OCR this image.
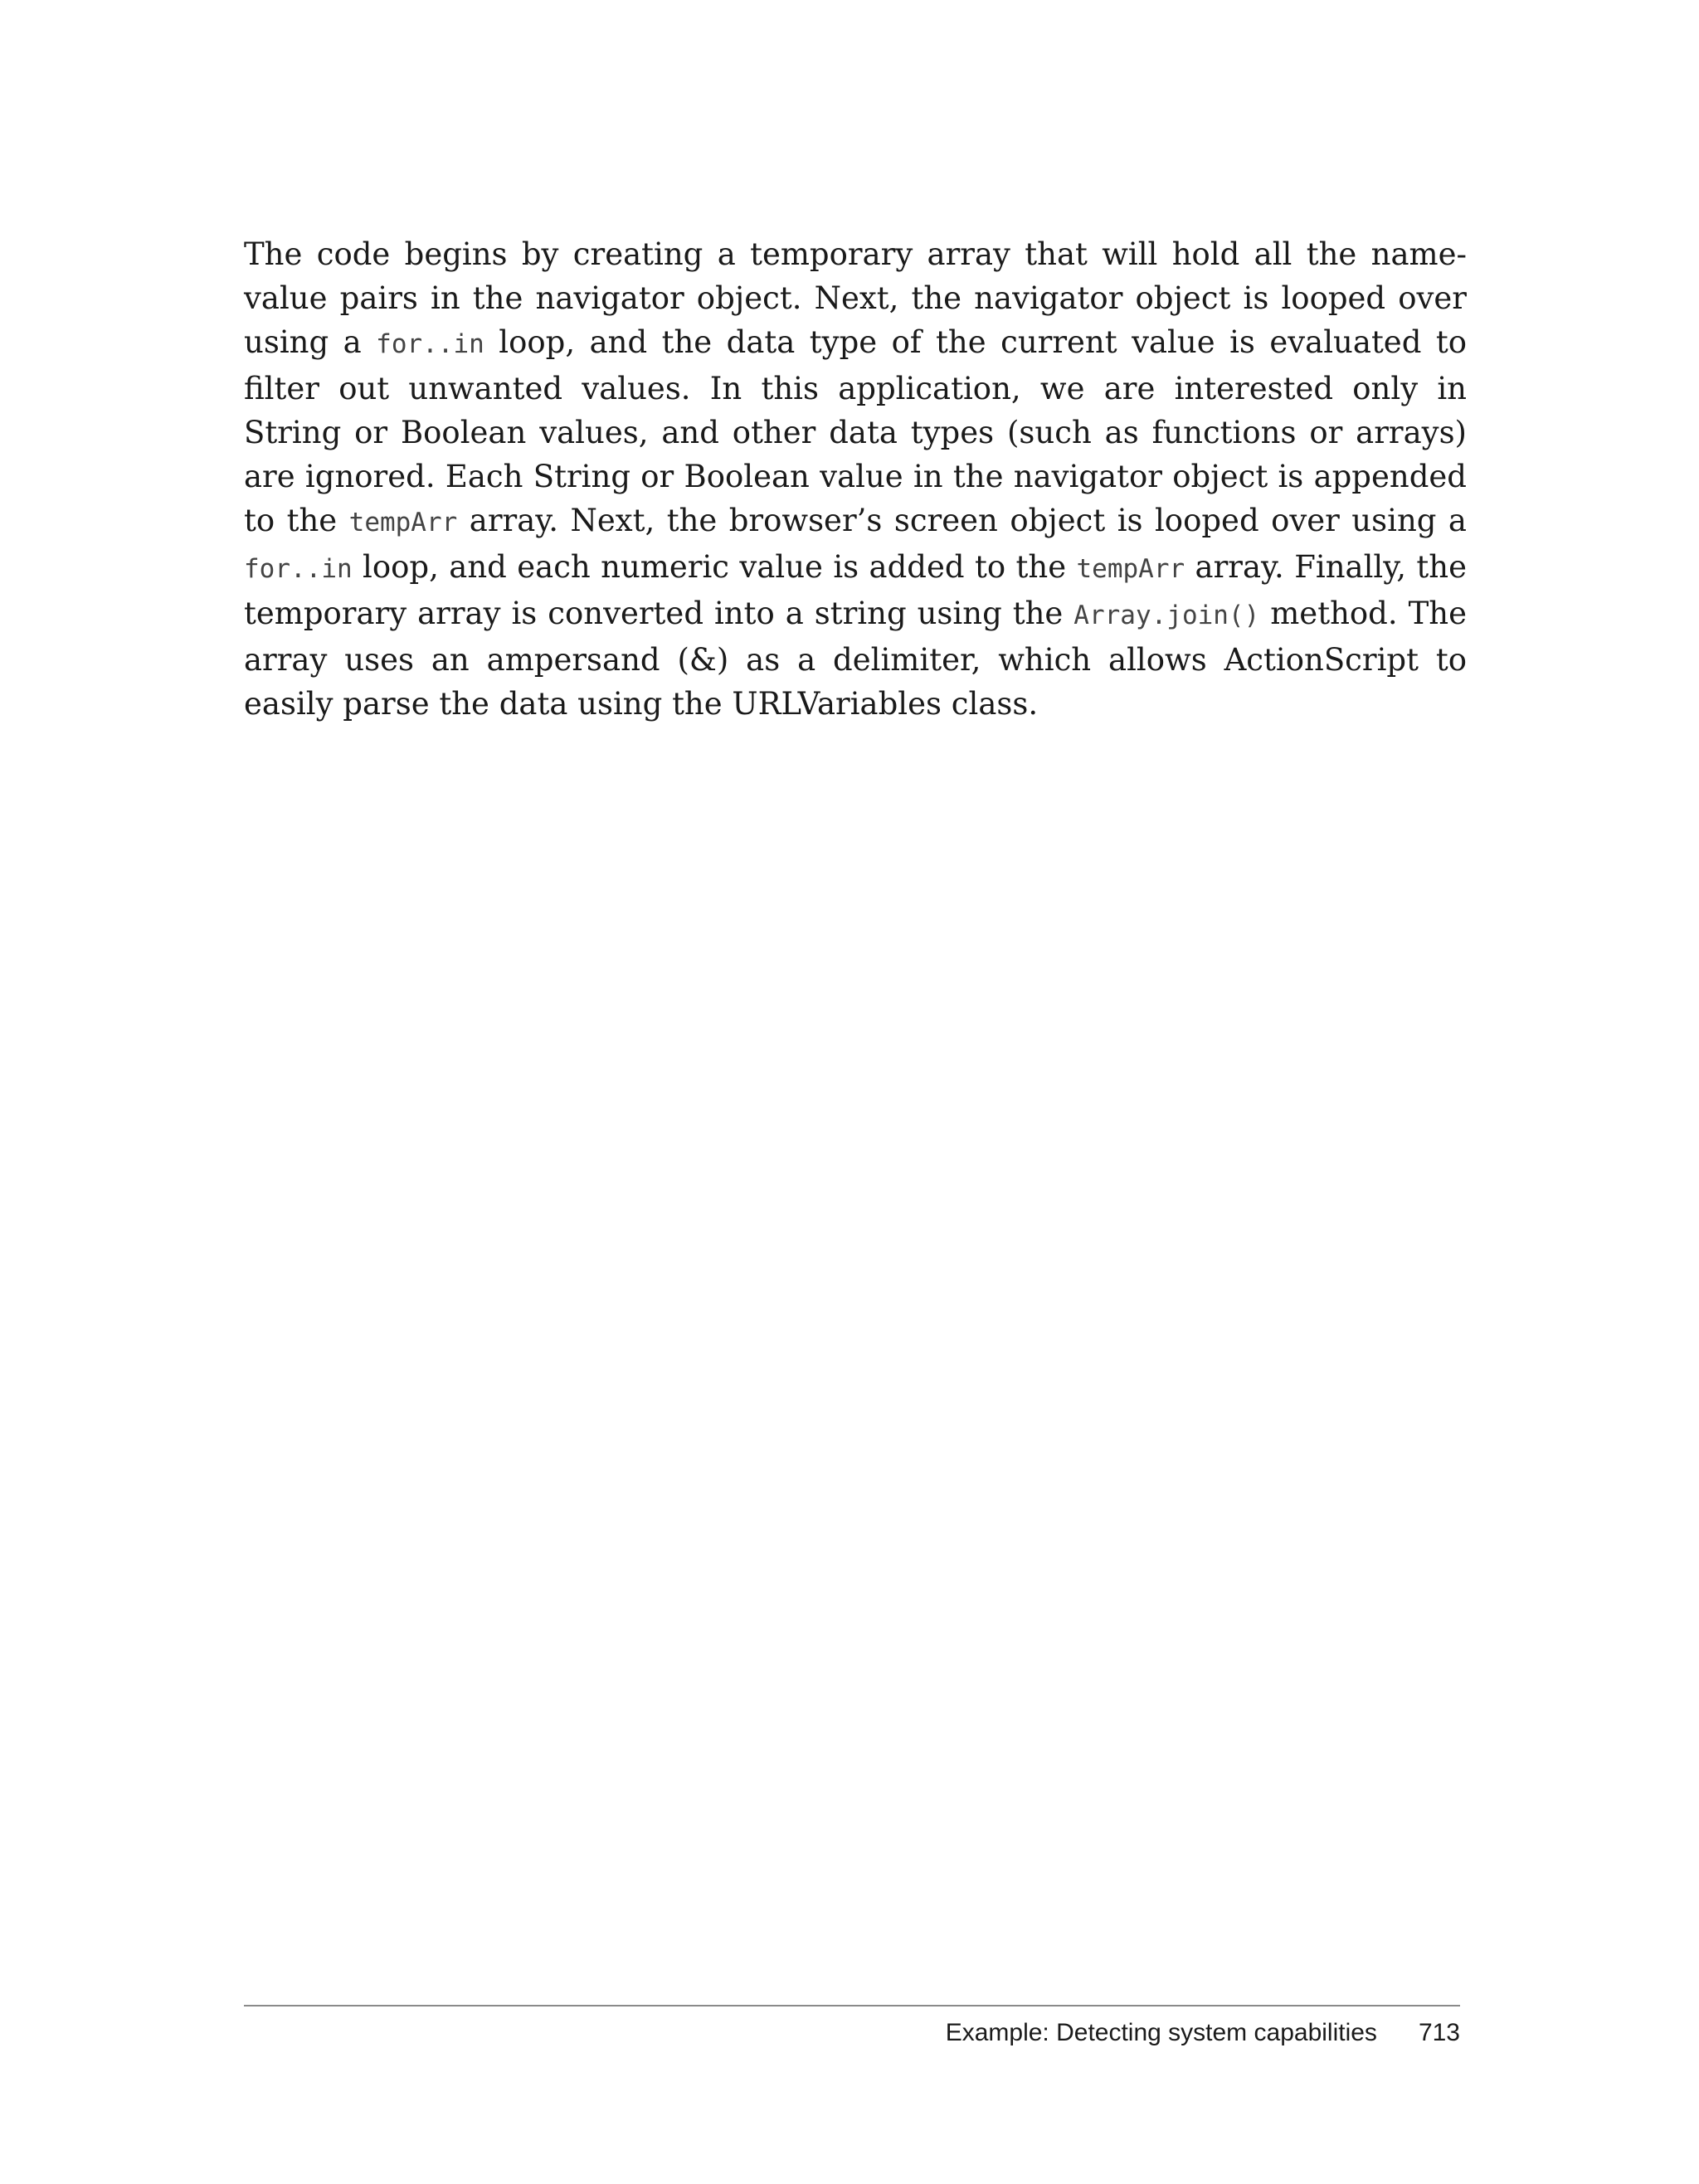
The code begins by creating a temporary array that will hold all the name-value pairs in the navigator object. Next, the navigator object is looped over using a for..in loop, and the data type of the current value is evaluated to filter out unwanted values. In this application, we are interested only in String or Boolean values, and other data types (such as functions or arrays) are ignored. Each String or Boolean value in the navigator object is appended to the tempArr array. Next, the browser’s screen object is looped over using a for..in loop, and each numeric value is added to the tempArr array. Finally, the temporary array is converted into a string using the Array.join() method. The array uses an ampersand (&) as a delimiter, which allows ActionScript to easily parse the data using the URLVariables class.

Example: Detecting system capabilities 713
